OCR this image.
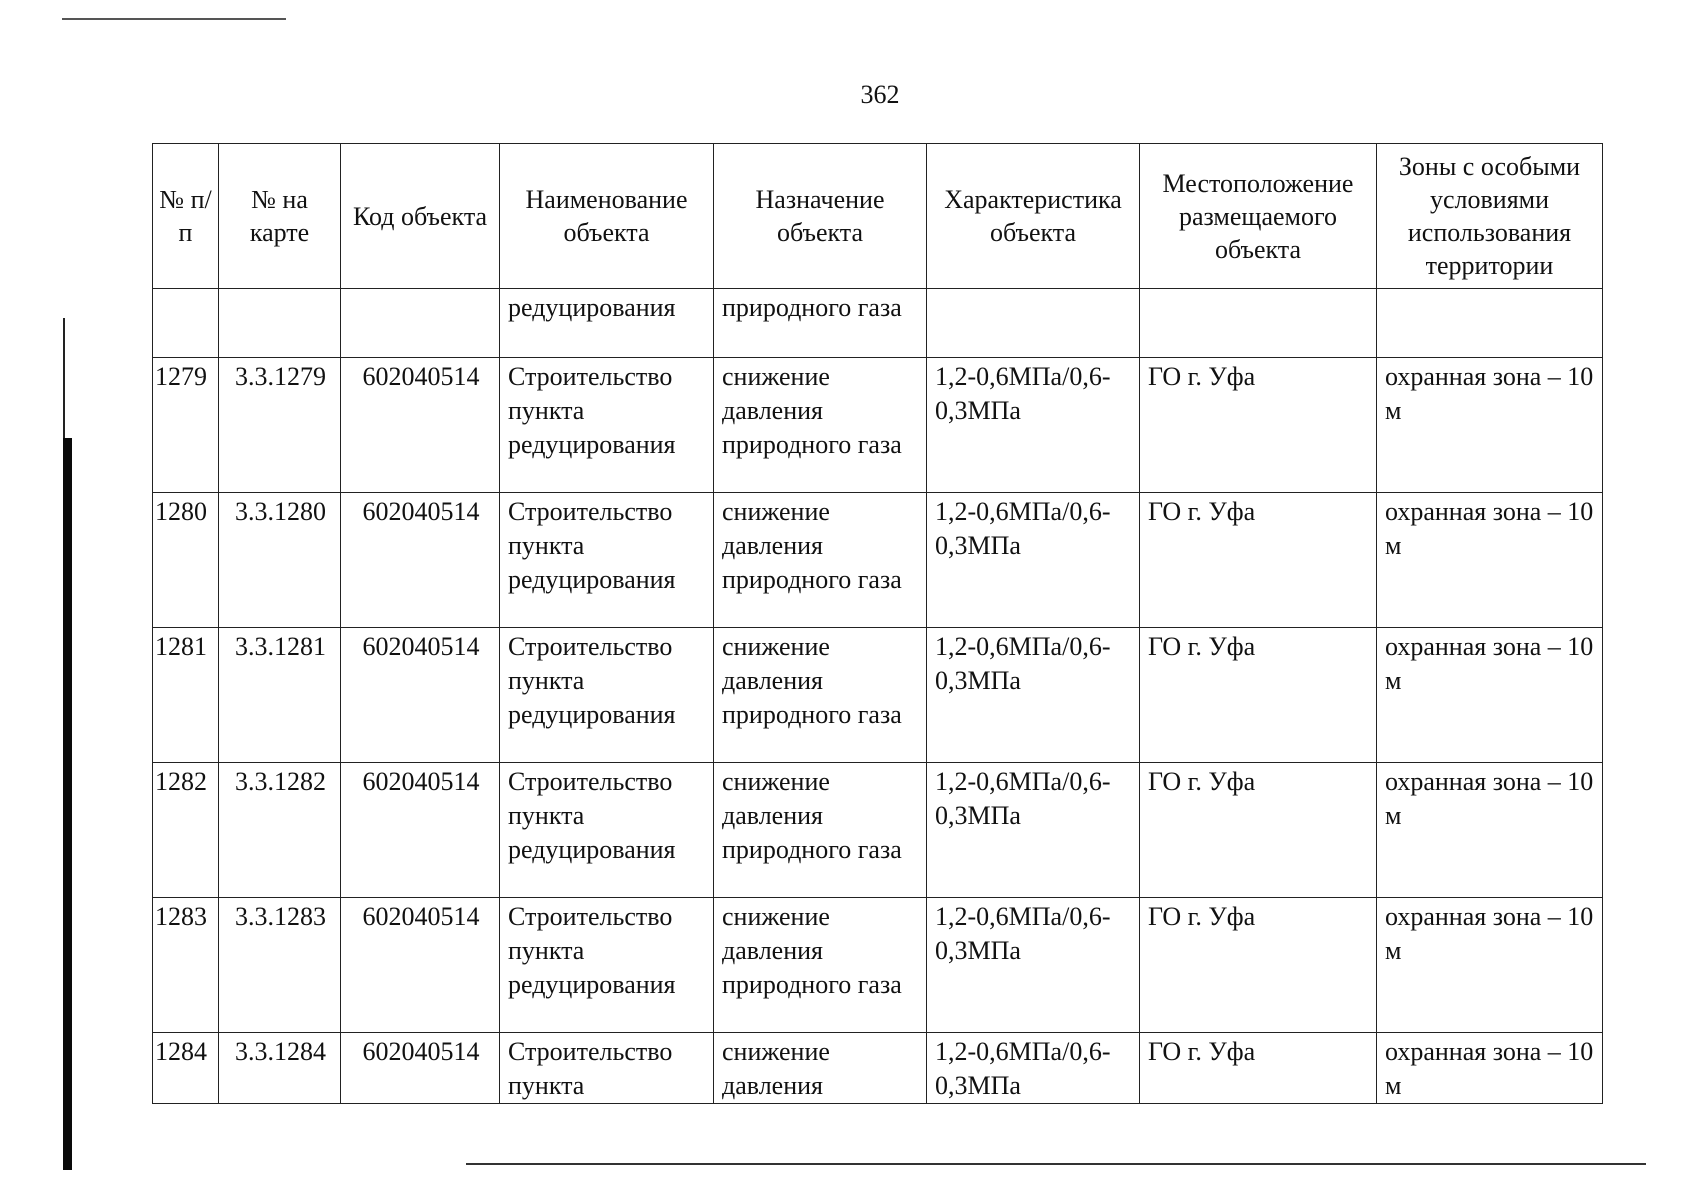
362
№ п/п	№ на карте	Код объекта	Наименование объекта	Назначение объекта	Характеристика объекта	Местоположение размещаемого объекта	Зоны с особыми условиями использования территории
			редуцирования	природного газа			
1279	3.3.1279	602040514	Строительство пункта редуцирования	снижение давления природного газа	1,2-0,6МПа/0,6-0,3МПа	ГО г. Уфа	охранная зона – 10 м
1280	3.3.1280	602040514	Строительство пункта редуцирования	снижение давления природного газа	1,2-0,6МПа/0,6-0,3МПа	ГО г. Уфа	охранная зона – 10 м
1281	3.3.1281	602040514	Строительство пункта редуцирования	снижение давления природного газа	1,2-0,6МПа/0,6-0,3МПа	ГО г. Уфа	охранная зона – 10 м
1282	3.3.1282	602040514	Строительство пункта редуцирования	снижение давления природного газа	1,2-0,6МПа/0,6-0,3МПа	ГО г. Уфа	охранная зона – 10 м
1283	3.3.1283	602040514	Строительство пункта редуцирования	снижение давления природного газа	1,2-0,6МПа/0,6-0,3МПа	ГО г. Уфа	охранная зона – 10 м
1284	3.3.1284	602040514	Строительство пункта	снижение давления	1,2-0,6МПа/0,6-0,3МПа	ГО г. Уфа	охранная зона – 10 м
